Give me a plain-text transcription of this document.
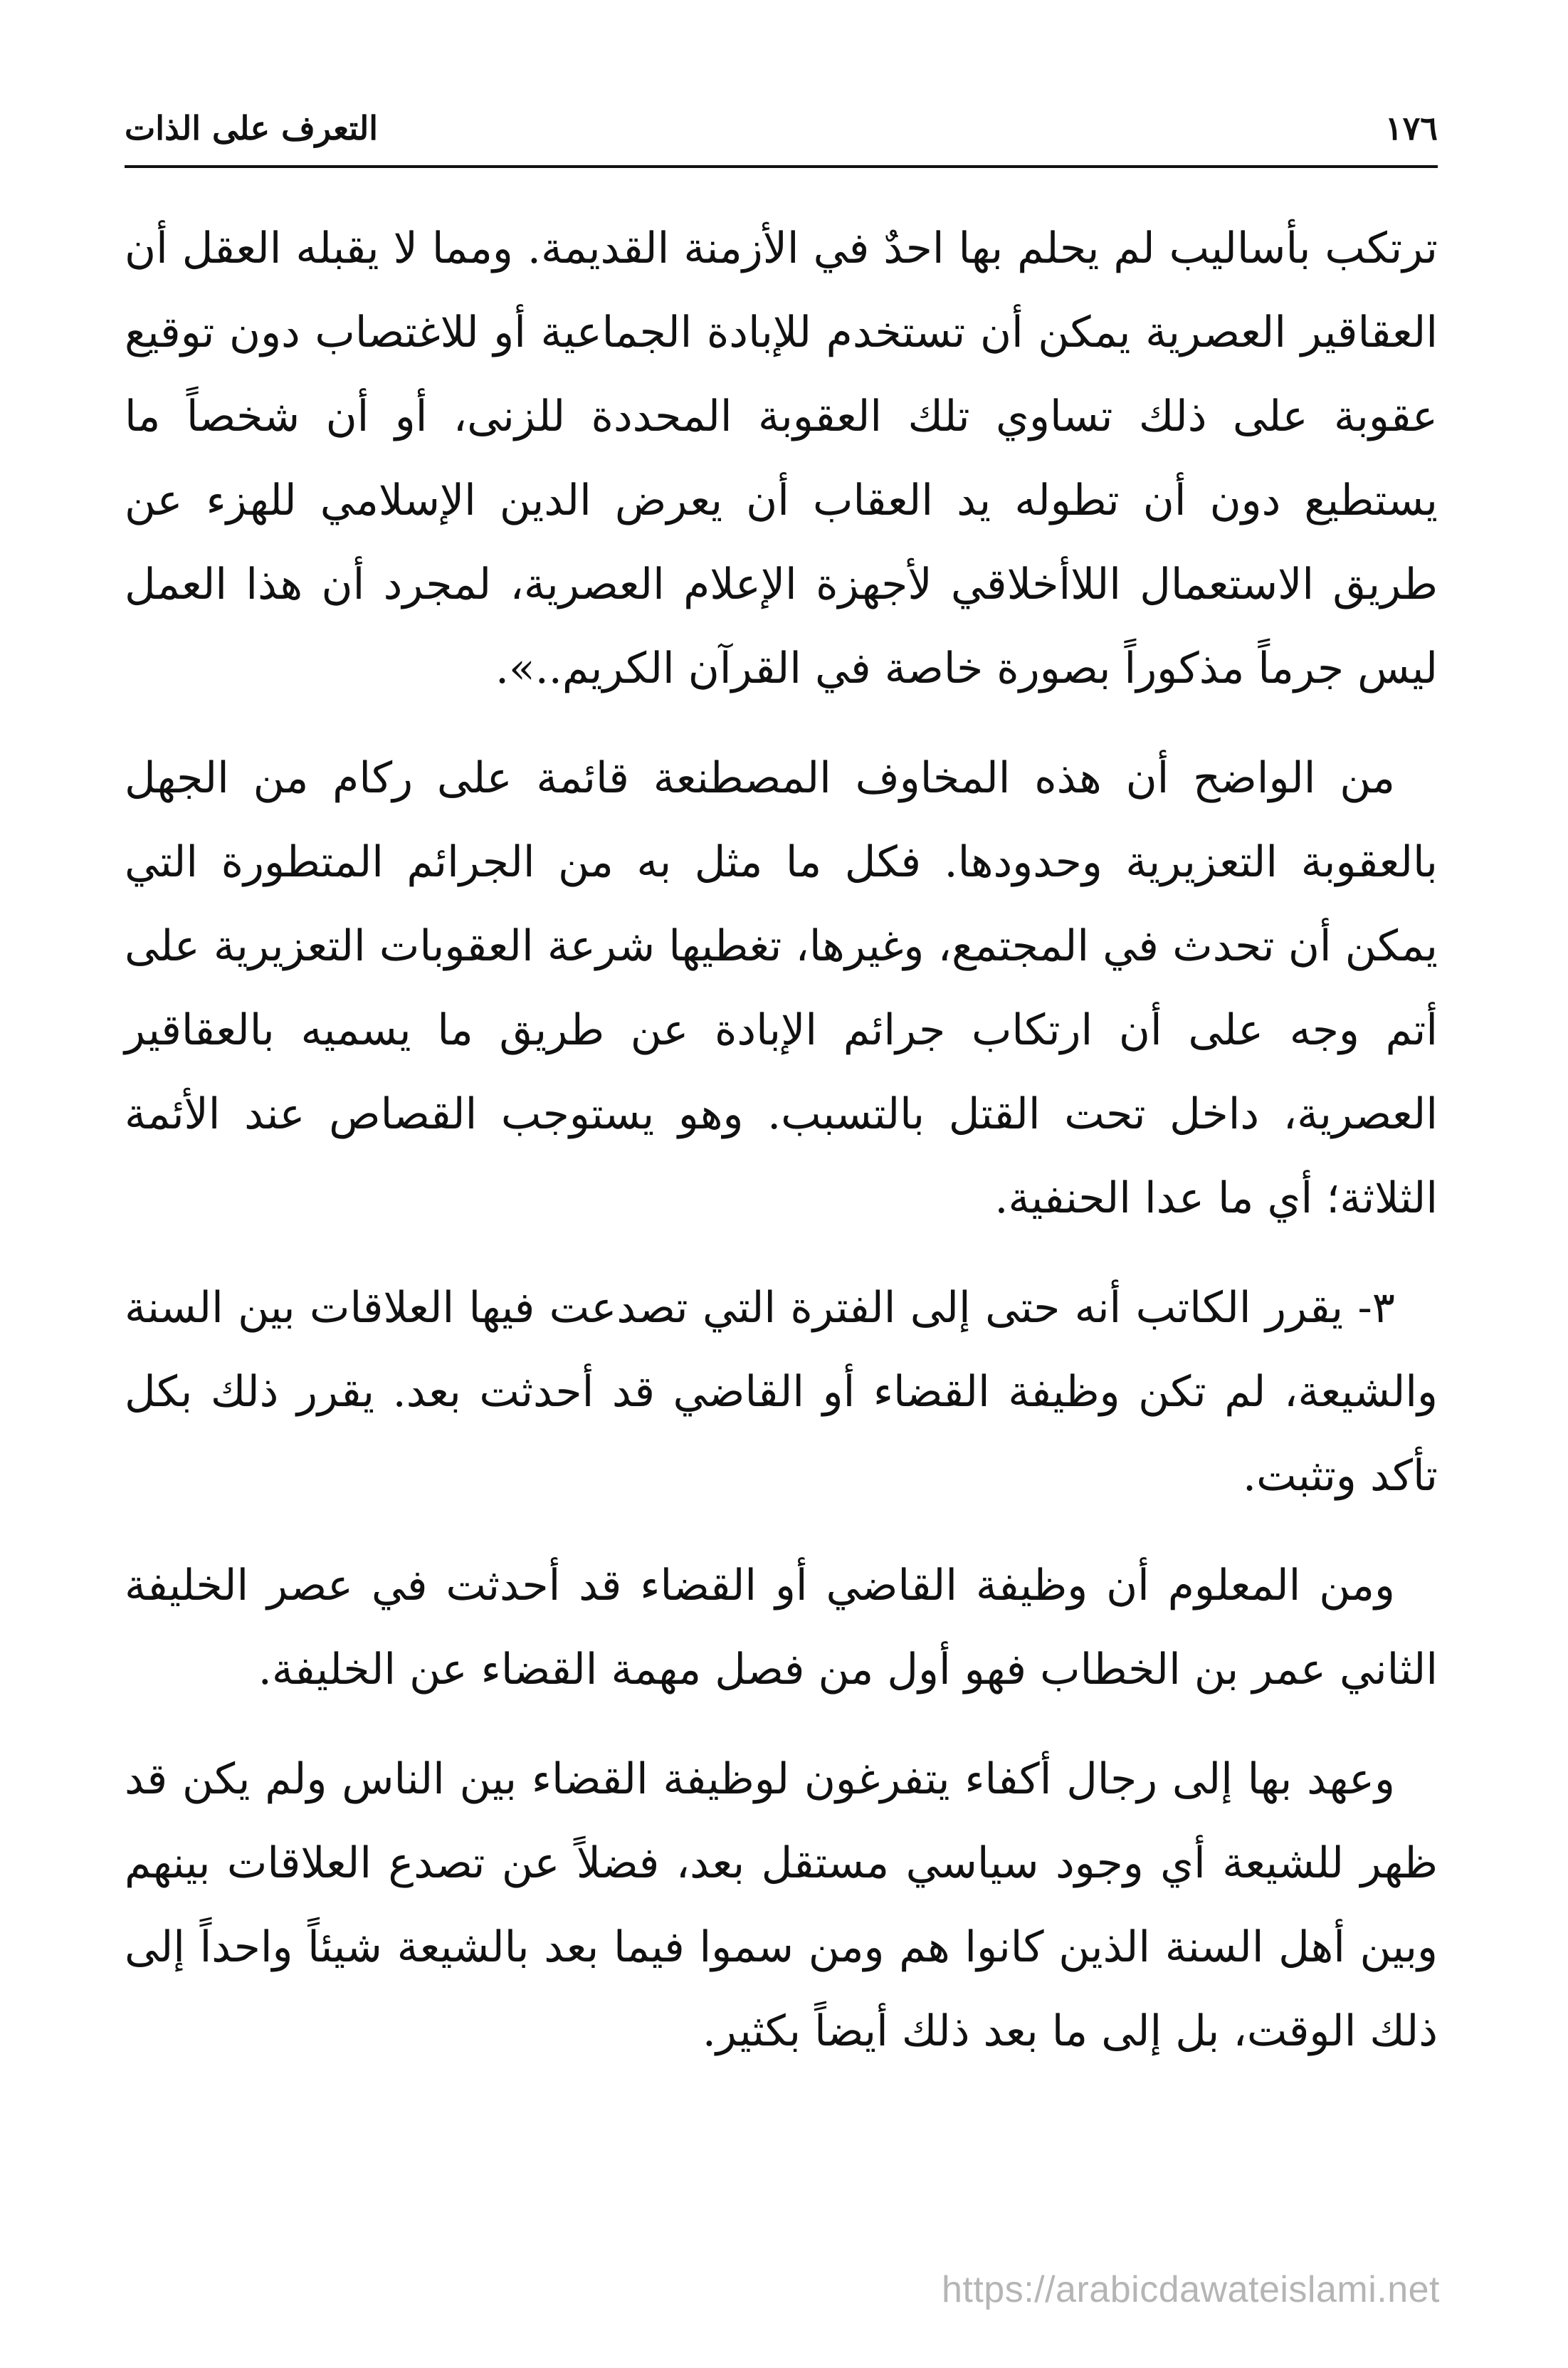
١٧٦
التعرف على الذات

ترتكب بأساليب لم يحلم بها احدٌ في الأزمنة القديمة. ومما لا يقبله العقل أن العقاقير العصرية يمكن أن تستخدم للإبادة الجماعية أو للاغتصاب دون توقيع عقوبة على ذلك تساوي تلك العقوبة المحددة للزنى، أو أن شخصاً ما يستطيع دون أن تطوله يد العقاب أن يعرض الدين الإسلامي للهزء عن طريق الاستعمال اللاأخلاقي لأجهزة الإعلام العصرية، لمجرد أن هذا العمل ليس جرماً مذكوراً بصورة خاصة في القرآن الكريم..».

من الواضح أن هذه المخاوف المصطنعة قائمة على ركام من الجهل بالعقوبة التعزيرية وحدودها. فكل ما مثل به من الجرائم المتطورة التي يمكن أن تحدث في المجتمع، وغيرها، تغطيها شرعة العقوبات التعزيرية على أتم وجه على أن ارتكاب جرائم الإبادة عن طريق ما يسميه بالعقاقير العصرية، داخل تحت القتل بالتسبب. وهو يستوجب القصاص عند الأئمة الثلاثة؛ أي ما عدا الحنفية.

٣- يقرر الكاتب أنه حتى إلى الفترة التي تصدعت فيها العلاقات بين السنة والشيعة، لم تكن وظيفة القضاء أو القاضي قد أحدثت بعد. يقرر ذلك بكل تأكد وتثبت.

ومن المعلوم أن وظيفة القاضي أو القضاء قد أحدثت في عصر الخليفة الثاني عمر بن الخطاب فهو أول من فصل مهمة القضاء عن الخليفة.

وعهد بها إلى رجال أكفاء يتفرغون لوظيفة القضاء بين الناس ولم يكن قد ظهر للشيعة أي وجود سياسي مستقل بعد، فضلاً عن تصدع العلاقات بينهم وبين أهل السنة الذين كانوا هم ومن سموا فيما بعد بالشيعة شيئاً واحداً إلى ذلك الوقت، بل إلى ما بعد ذلك أيضاً بكثير.

https://arabicdawateislami.net
